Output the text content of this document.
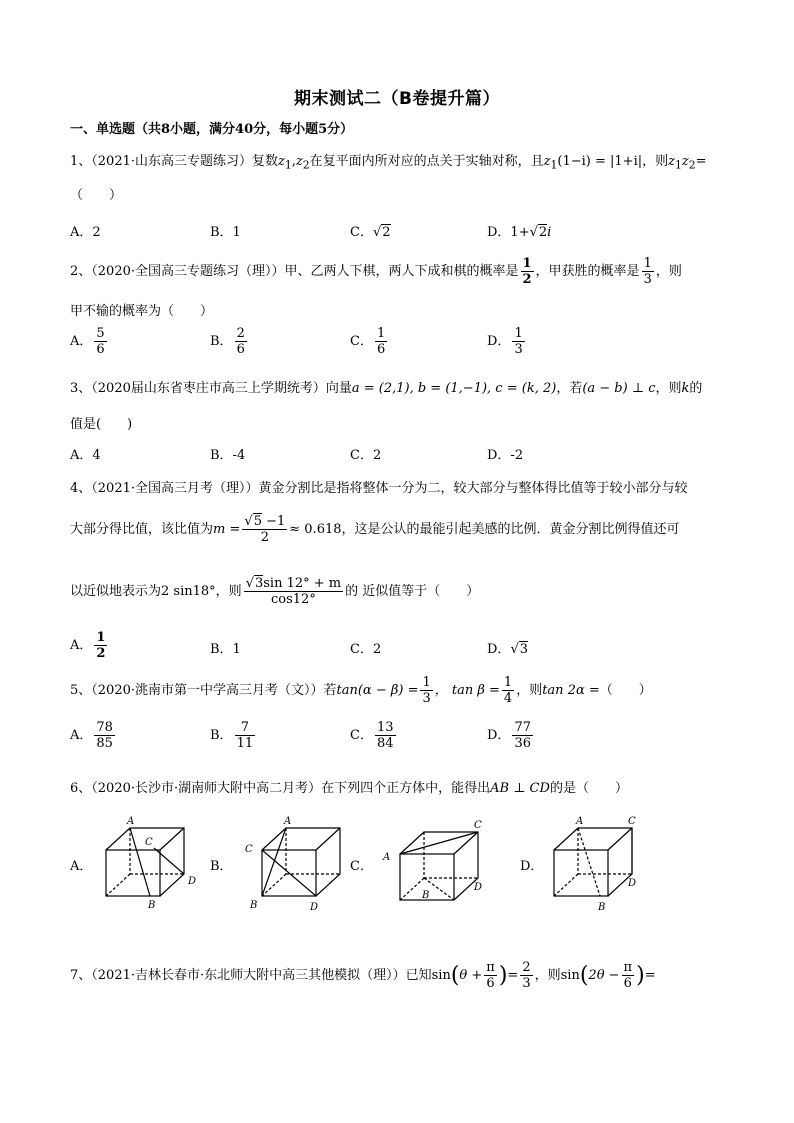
期末测试二（B卷提升篇）
一、单选题（共8小题，满分40分，每小题5分）
1、（2021·山东高三专题练习）复数$z_1,z_2$在复平面内所对应的点关于实轴对称，且$z_1(1-i) = |1+i|$，则$z_1z_2=$
（　　）
A．2	B．1	C．√2	D．1+√2i
2、（2020·全国高三专题练习（理））甲、乙两人下棋，两人下成和棋的概率是 $\frac{1}{2}$ ，甲获胜的概率是 $\frac{1}{3}$ ，则
甲不输的概率为（　　）
A． $\frac{5}{6}$	B． $\frac{2}{6}$	C． $\frac{1}{6}$	D． $\frac{1}{3}$
3、（2020届山东省枣庄市高三上学期统考）向量a = (2,1), b = (1,−1), c = (k, 2)，若(a − b) ⊥ c，则k的
值是(　　)
A．4	B．-4	C．2	D．-2
4、（2021·全国高三月考（理））黄金分割比是指将整体一分为二，较大部分与整体得比值等于较小部分与较
大部分得比值，该比值为$m = \frac{√5 -1}{2} \approx 0.618$，这是公认的最能引起美感的比例．黄金分割比例得值还可
以近似地表示为2 sin18°，则 $\frac{√3\sin 12^\circ + m}{\cos 12^\circ}$ 的 近似值等于（　　）
A． $\frac{1}{2}$	B．1	C．2	D．√3
5、（2020·洮南市第一中学高三月考（文））若$\tan(\alpha - \beta) = \frac{1}{3}$ ， $\tan \beta = \frac{1}{4}$ ，则tan 2α =（　　）
A． $\frac{78}{85}$	B． $\frac{7}{11}$	C． $\frac{13}{84}$	D． $\frac{77}{36}$
6、（2020·长沙市·湖南师大附中高二月考）在下列四个正方体中，能得出AB ⊥ CD的是（　　）
A．	B．	C．	D．
A
B
C
D
A
B
C
D
A
B
C
D
A
B
C
D
7、（2021·吉林长春市·东北师大附中高三其他模拟（理））已知$\sin(\theta + \frac{\pi}{6}$ )= $\frac{2}{3}$ ，则$\sin(2\theta - \frac{\pi}{6}$ )=
